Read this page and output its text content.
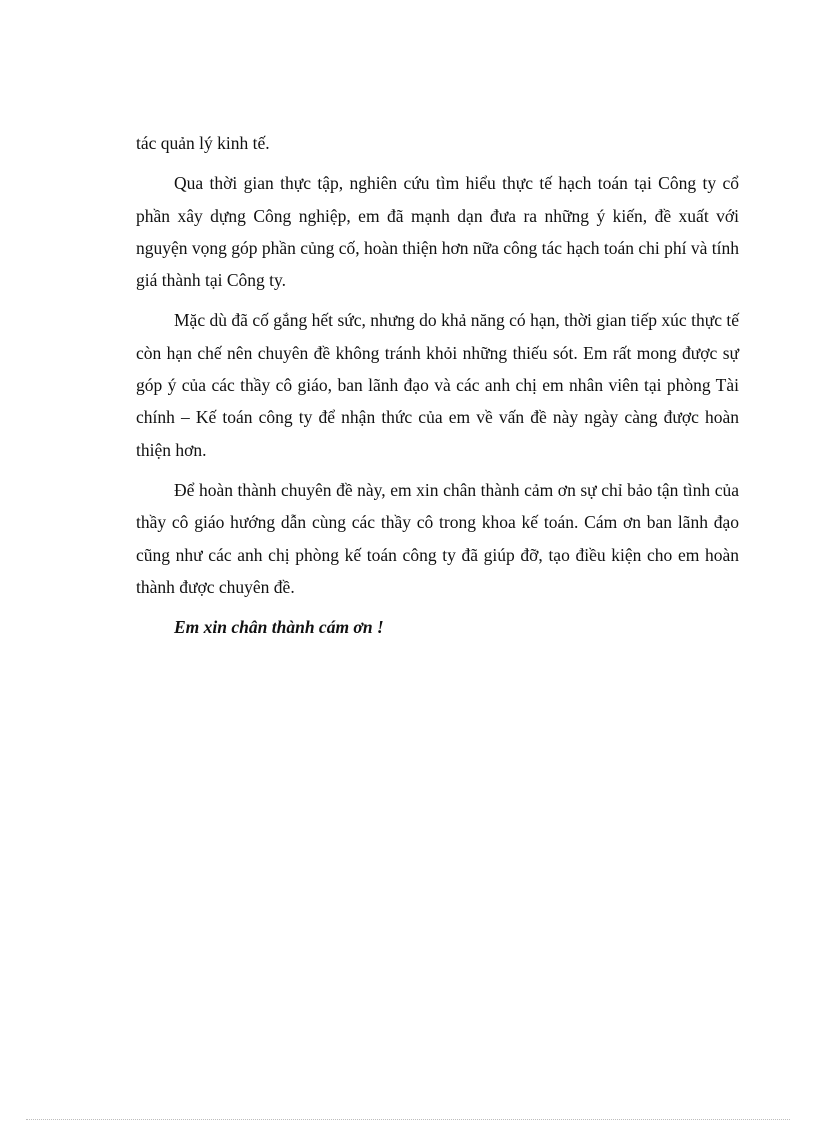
tác quản lý kinh tế.

Qua thời gian thực tập, nghiên cứu tìm hiểu thực tế hạch toán tại Công ty cổ phần xây dựng Công nghiệp, em đã mạnh dạn đưa ra những ý kiến, đề xuất với nguyện vọng góp phần củng cố, hoàn thiện hơn nữa công tác hạch toán chi phí và tính giá thành tại Công ty.

Mặc dù đã cố gắng hết sức, nhưng do khả năng có hạn, thời gian tiếp xúc thực tế còn hạn chế nên chuyên đề không tránh khỏi những thiếu sót. Em rất mong được sự góp ý của các thầy cô giáo, ban lãnh đạo và các anh chị em nhân viên tại phòng Tài chính – Kế toán công ty để nhận thức của em về vấn đề này ngày càng được hoàn thiện hơn.

Để hoàn thành chuyên đề này, em xin chân thành cảm ơn sự chỉ bảo tận tình của thầy cô giáo hướng dẫn cùng các thầy cô trong khoa kế toán. Cám ơn ban lãnh đạo cũng như các anh chị phòng kế toán công ty đã giúp đỡ, tạo điều kiện cho em hoàn thành được chuyên đề.

Em xin chân thành cám ơn !
